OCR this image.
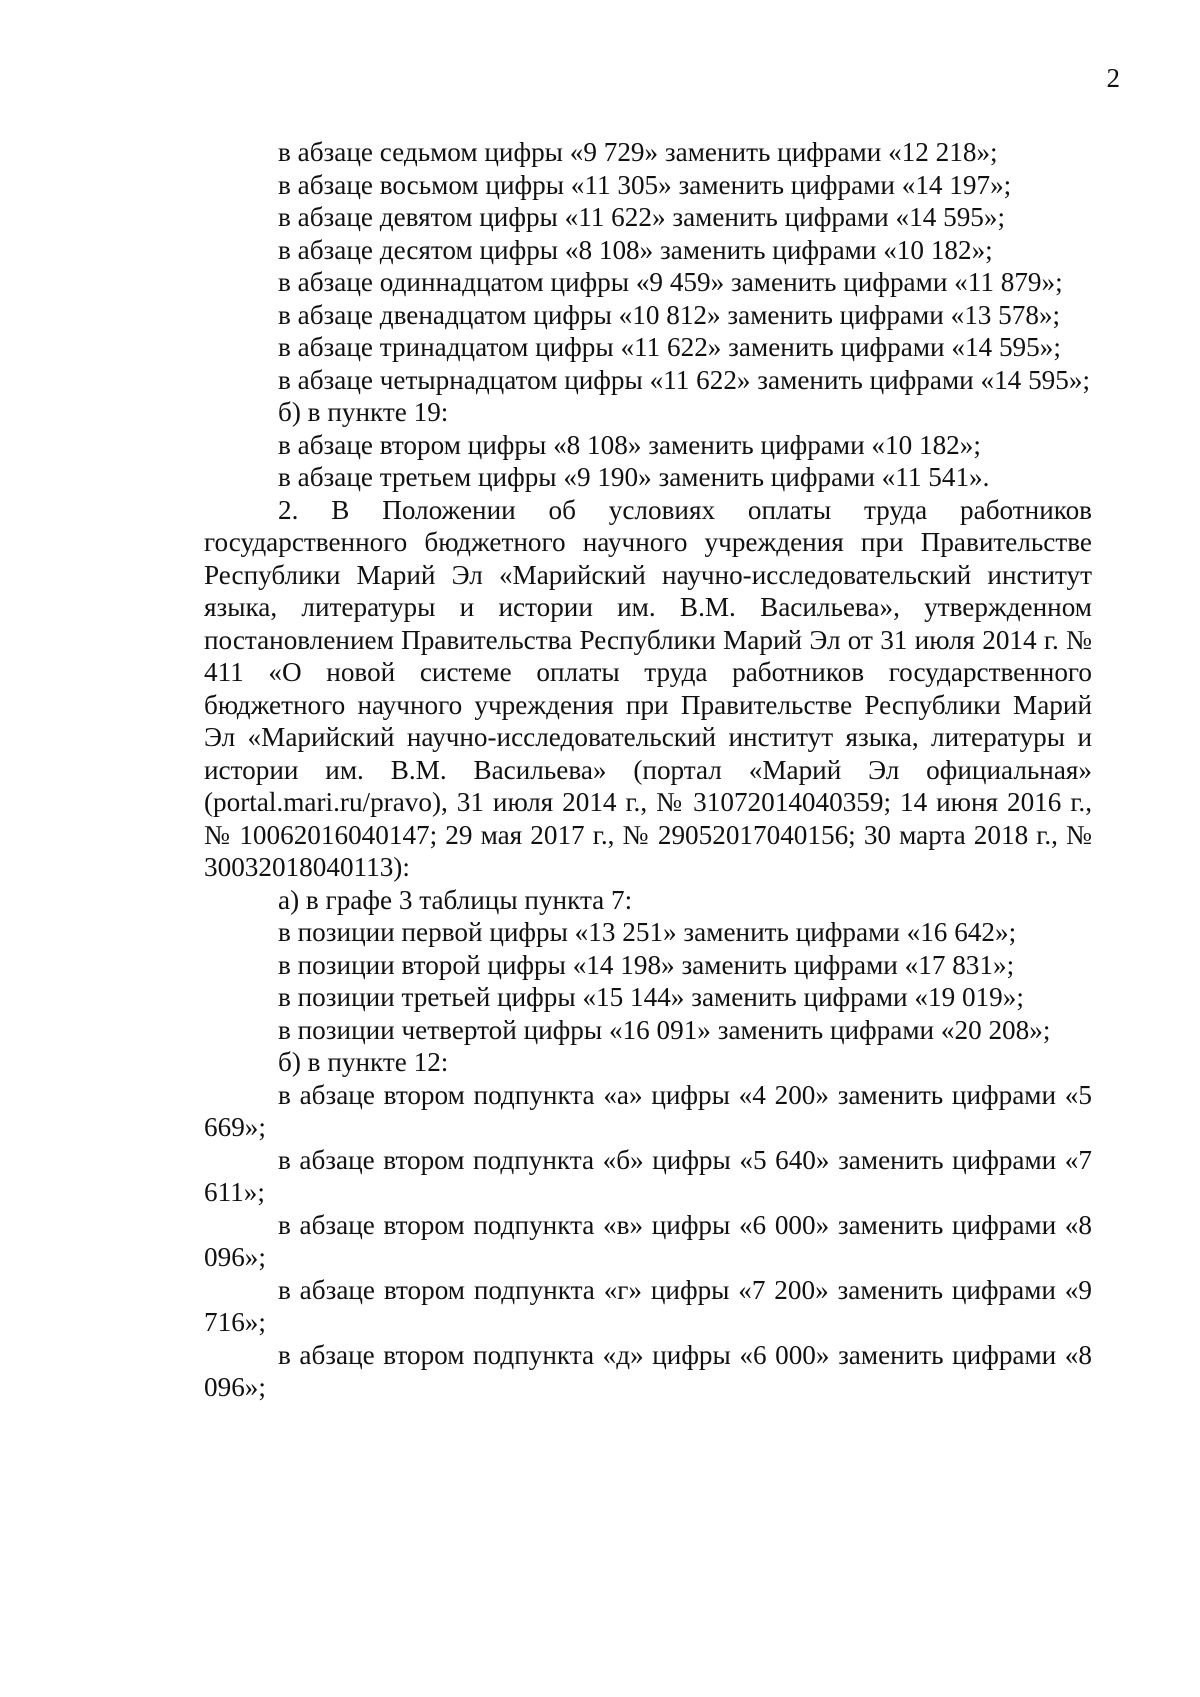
2

в абзаце седьмом цифры «9 729» заменить цифрами «12 218»;

в абзаце восьмом цифры «11 305» заменить цифрами «14 197»;

в абзаце девятом цифры «11 622» заменить цифрами «14 595»;

в абзаце десятом цифры «8 108» заменить цифрами «10 182»;

в абзаце одиннадцатом цифры «9 459» заменить цифрами «11 879»;

в абзаце двенадцатом цифры «10 812» заменить цифрами «13 578»;

в абзаце тринадцатом цифры «11 622» заменить цифрами «14 595»;

в абзаце четырнадцатом цифры «11 622» заменить цифрами «14 595»;

б) в пункте 19:

в абзаце втором цифры «8 108» заменить цифрами «10 182»;

в абзаце третьем цифры «9 190» заменить цифрами «11 541».

2. В Положении об условиях оплаты труда работников государственного бюджетного научного учреждения при Правительстве Республики Марий Эл «Марийский научно-исследовательский институт языка, литературы и истории им. В.М. Васильева», утвержденном постановлением Правительства Республики Марий Эл от 31 июля 2014 г. № 411 «О новой системе оплаты труда работников государственного бюджетного научного учреждения при Правительстве Республики Марий Эл «Марийский научно-исследовательский институт языка, литературы и истории им. В.М. Васильева» (портал «Марий Эл официальная» (portal.mari.ru/pravo), 31 июля 2014 г., № 31072014040359; 14 июня 2016 г., № 10062016040147; 29 мая 2017 г., № 29052017040156; 30 марта 2018 г., № 30032018040113):

а) в графе 3 таблицы пункта 7:

в позиции первой цифры «13 251» заменить цифрами «16 642»;

в позиции второй цифры «14 198» заменить цифрами «17 831»;

в позиции третьей цифры «15 144» заменить цифрами «19 019»;

в позиции четвертой цифры «16 091» заменить цифрами «20 208»;

б) в пункте 12:

в абзаце втором подпункта «а» цифры «4 200» заменить цифрами «5 669»;

в абзаце втором подпункта «б» цифры «5 640» заменить цифрами «7 611»;

в абзаце втором подпункта «в» цифры «6 000» заменить цифрами «8 096»;

в абзаце втором подпункта «г» цифры «7 200» заменить цифрами «9 716»;

в абзаце втором подпункта «д» цифры «6 000» заменить цифрами «8 096»;
